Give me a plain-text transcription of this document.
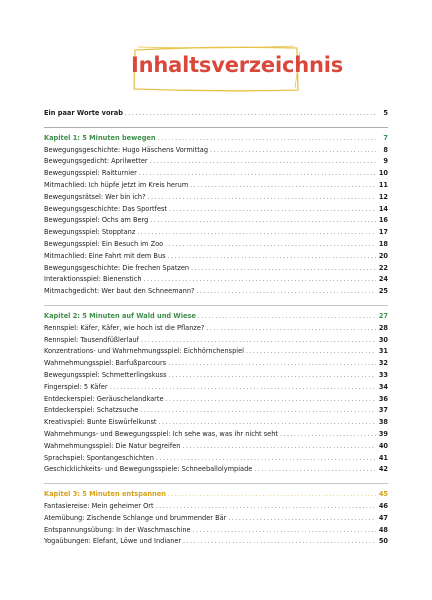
Inhaltsverzeichnis
Ein paar Worte vorab .....	5
Kapitel 1: 5 Minuten bewegen .....	7
Bewegungsgeschichte: Hugo Häschens Vormittag .....	8
Bewegungsgedicht: Aprilwetter .....	9
Bewegungsspiel: Raitturnier .....	10
Mitmachlied: Ich hüpfe jetzt im Kreis herum .....	11
Bewegungsrätsel: Wer bin ich? .....	12
Bewegungsgeschichte: Das Sportfest .....	14
Bewegungsspiel: Ochs am Berg .....	16
Bewegungsspiel: Stopptanz .....	17
Bewegungsspiel: Ein Besuch im Zoo .....	18
Mitmachlied: Eine Fahrt mit dem Bus .....	20
Bewegungsgeschichte: Die frechen Spatzen .....	22
Interaktionsspiel: Bienenstich .....	24
Mitmachgedicht: Wer baut den Schneemann? .....	25
Kapitel 2: 5 Minuten auf Wald und Wiese .....	27
Rennspiel: Käfer, Käfer, wie hoch ist die Pflanze? .....	28
Rennspiel: Tausendfüßlerlauf .....	30
Konzentrations- und Wahrnehmungsspiel: Eichhörnchenspiel .....	31
Wahrnehmungsspiel: Barfußparcours .....	32
Bewegungsspiel: Schmetterlingskuss .....	33
Fingerspiel: 5 Käfer .....	34
Entdeckerspiel: Geräuschelandkarte .....	36
Entdeckerspiel: Schatzsuche .....	37
Kreativspiel: Bunte Eiswürfelkunst .....	38
Wahrnehmungs- und Bewegungsspiel: Ich sehe was, was ihr nicht seht .....	39
Wahrnehmungsspiel: Die Natur begreifen .....	40
Sprachspiel: Spontangeschichten .....	41
Geschicklichkeits- und Bewegungsspiele: Schneeballolympiade .....	42
Kapitel 3: 5 Minuten entspannen .....	45
Fantasiereise: Mein geheimer Ort .....	46
Atemübung: Zischende Schlange und brummender Bär .....	47
Entspannungsübung: In der Waschmaschine .....	48
Yogaübungen: Elefant, Löwe und Indianer .....	50
